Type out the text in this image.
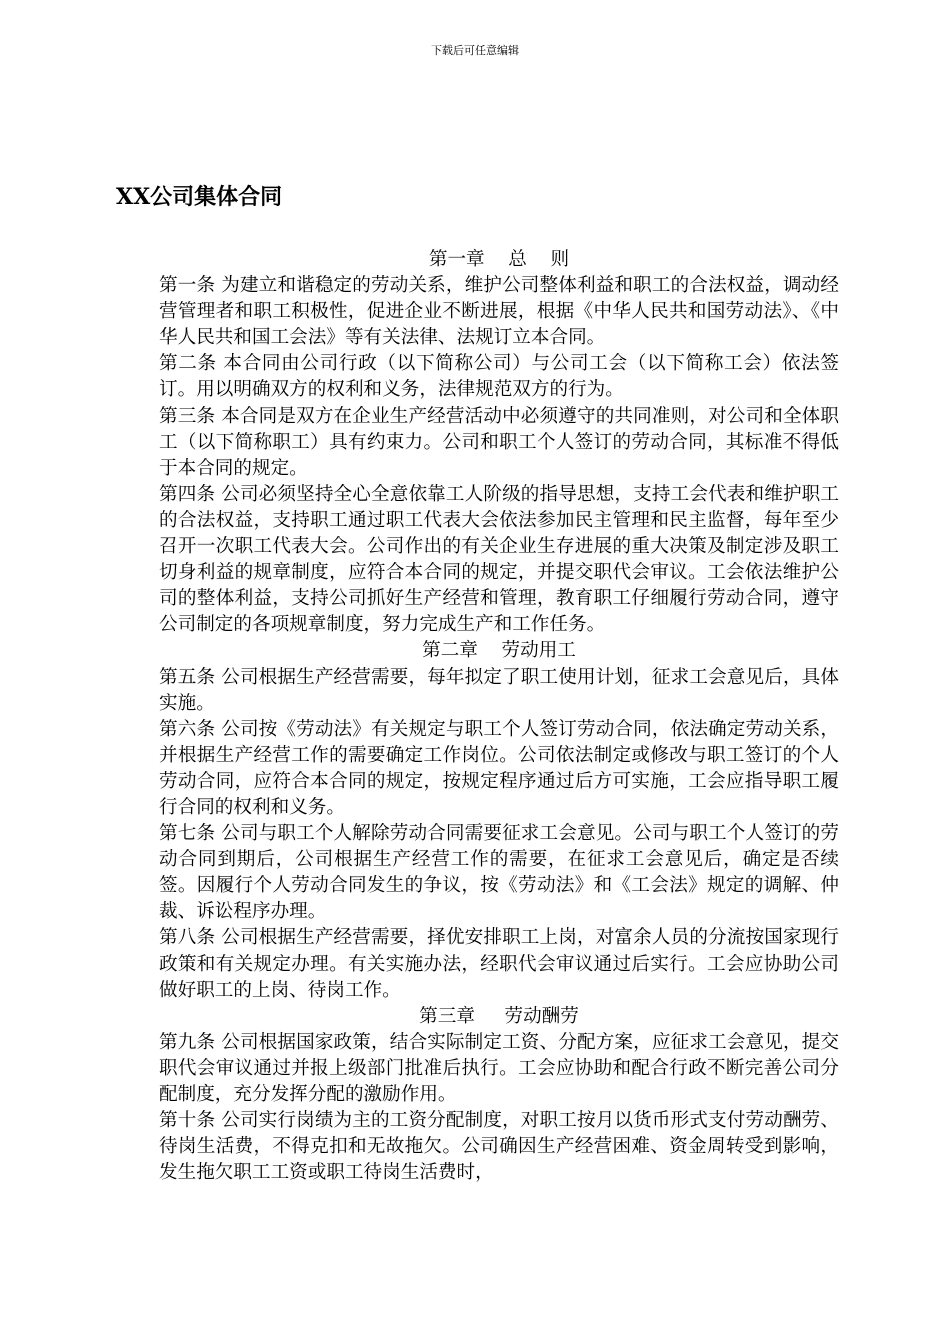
下载后可任意编辑
XX公司集体合同

第一章    总    则

第一条 为建立和谐稳定的劳动关系，维护公司整体利益和职工的合法权益，调动经营管理者和职工积极性，促进企业不断进展，根据《中华人民共和国劳动法》、《中华人民共和国工会法》等有关法律、法规订立本合同。

第二条 本合同由公司行政（以下简称公司）与公司工会（以下简称工会）依法签订。用以明确双方的权利和义务，法律规范双方的行为。

第三条 本合同是双方在企业生产经营活动中必须遵守的共同准则，对公司和全体职工（以下简称职工）具有约束力。公司和职工个人签订的劳动合同，其标准不得低于本合同的规定。

第四条 公司必须坚持全心全意依靠工人阶级的指导思想，支持工会代表和维护职工的合法权益，支持职工通过职工代表大会依法参加民主管理和民主监督，每年至少召开一次职工代表大会。公司作出的有关企业生存进展的重大决策及制定涉及职工切身利益的规章制度，应符合本合同的规定，并提交职代会审议。工会依法维护公司的整体利益，支持公司抓好生产经营和管理，教育职工仔细履行劳动合同，遵守公司制定的各项规章制度，努力完成生产和工作任务。

第二章    劳动用工

第五条 公司根据生产经营需要，每年拟定了职工使用计划，征求工会意见后，具体实施。

第六条 公司按《劳动法》有关规定与职工个人签订劳动合同，依法确定劳动关系，并根据生产经营工作的需要确定工作岗位。公司依法制定或修改与职工签订的个人劳动合同，应符合本合同的规定，按规定程序通过后方可实施，工会应指导职工履行合同的权利和义务。

第七条 公司与职工个人解除劳动合同需要征求工会意见。公司与职工个人签订的劳动合同到期后，公司根据生产经营工作的需要，在征求工会意见后，确定是否续签。因履行个人劳动合同发生的争议，按《劳动法》和《工会法》规定的调解、仲裁、诉讼程序办理。

第八条 公司根据生产经营需要，择优安排职工上岗，对富余人员的分流按国家现行政策和有关规定办理。有关实施办法，经职代会审议通过后实行。工会应协助公司做好职工的上岗、待岗工作。

第三章     劳动酬劳

第九条 公司根据国家政策，结合实际制定工资、分配方案，应征求工会意见，提交职代会审议通过并报上级部门批准后执行。工会应协助和配合行政不断完善公司分配制度，充分发挥分配的激励作用。

第十条 公司实行岗绩为主的工资分配制度，对职工按月以货币形式支付劳动酬劳、待岗生活费，不得克扣和无故拖欠。公司确因生产经营困难、资金周转受到影响，发生拖欠职工工资或职工待岗生活费时，
